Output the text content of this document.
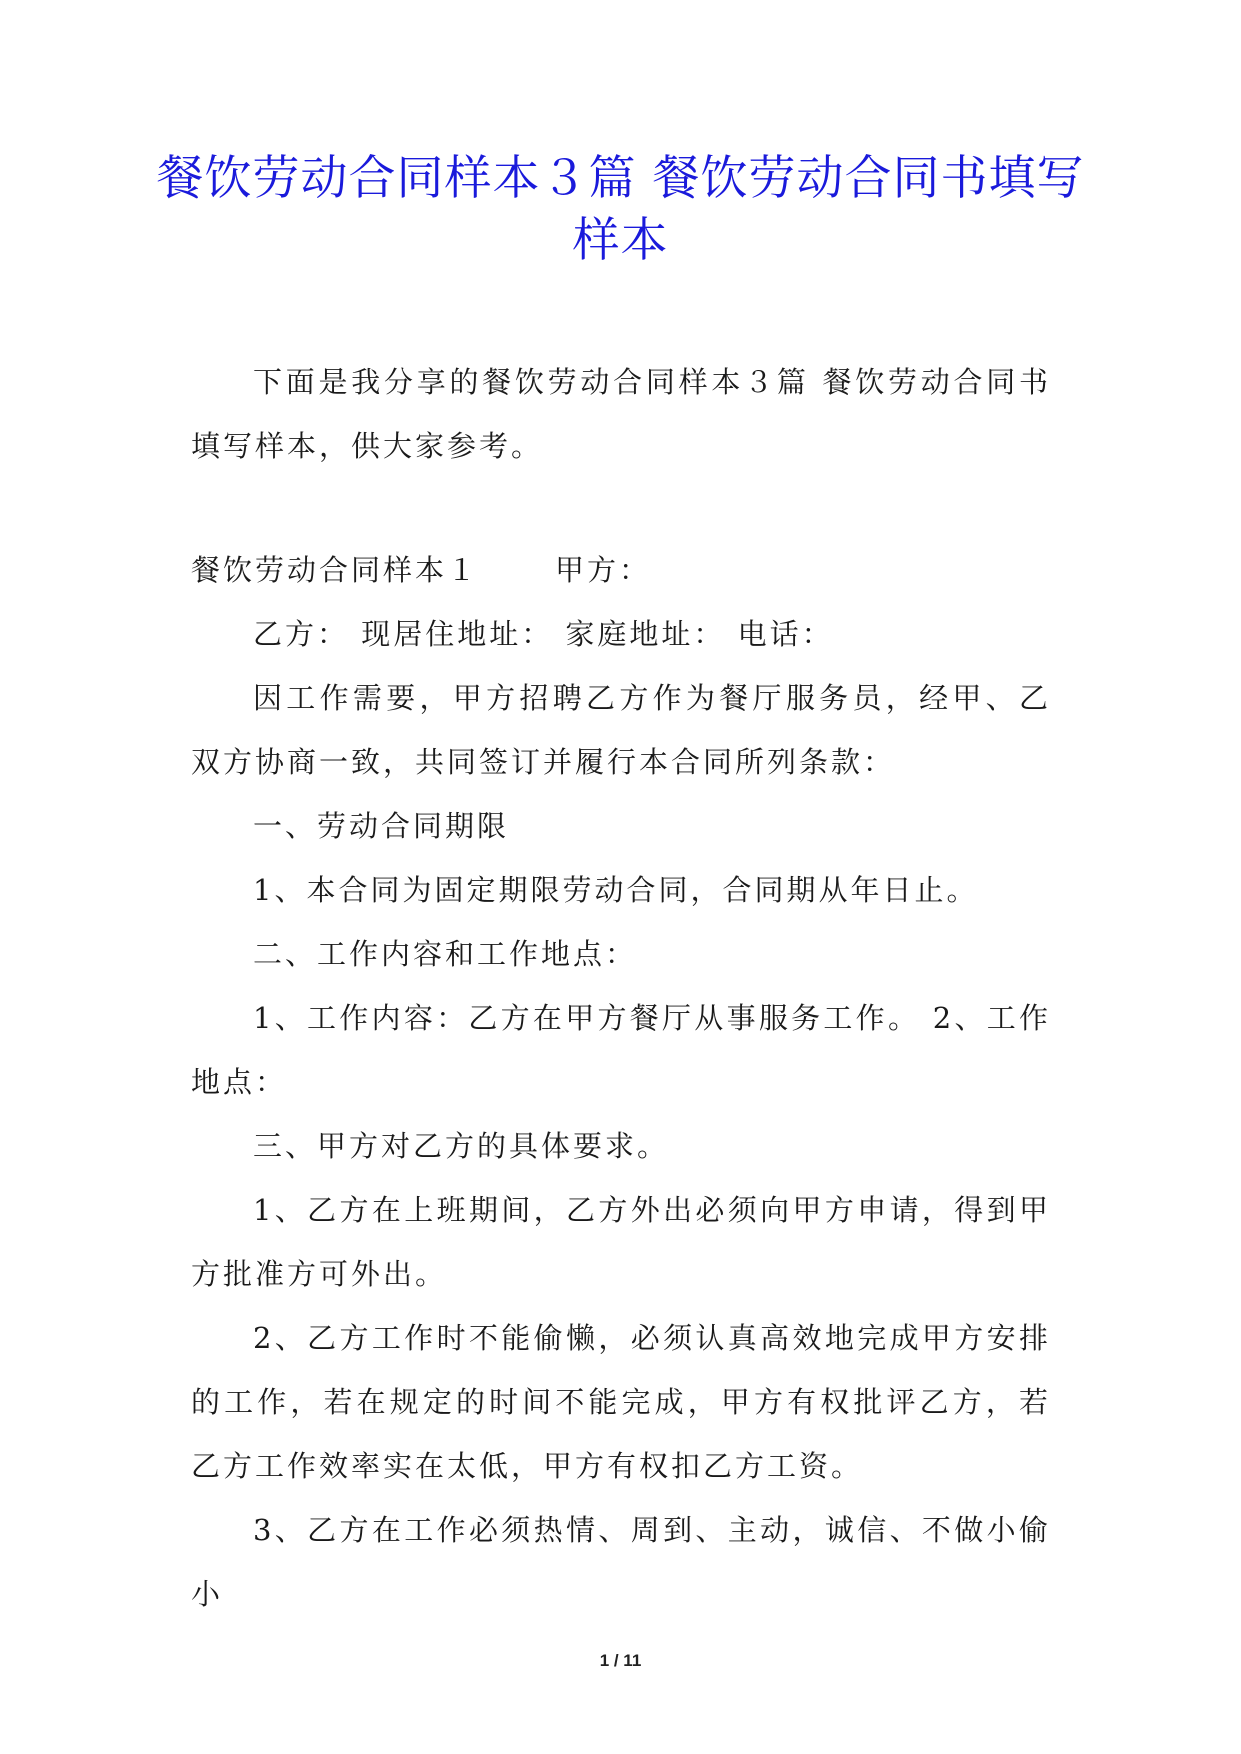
餐饮劳动合同样本３篇 餐饮劳动合同书填写样本

下面是我分享的餐饮劳动合同样本３篇 餐饮劳动合同书填写样本，供大家参考。

餐饮劳动合同样本１	甲方：

乙方： 现居住地址： 家庭地址： 电话：

因工作需要，甲方招聘乙方作为餐厅服务员，经甲、乙双方协商一致，共同签订并履行本合同所列条款：

一、劳动合同期限

1、本合同为固定期限劳动合同，合同期从年日止。

二、工作内容和工作地点：

1、工作内容：乙方在甲方餐厅从事服务工作。 2、工作地点：

三、甲方对乙方的具体要求。

1、乙方在上班期间，乙方外出必须向甲方申请，得到甲方批准方可外出。

2、乙方工作时不能偷懒，必须认真高效地完成甲方安排的工作，若在规定的时间不能完成，甲方有权批评乙方，若乙方工作效率实在太低，甲方有权扣乙方工资。

3、乙方在工作必须热情、周到、主动，诚信、不做小偷小

1 / 11
